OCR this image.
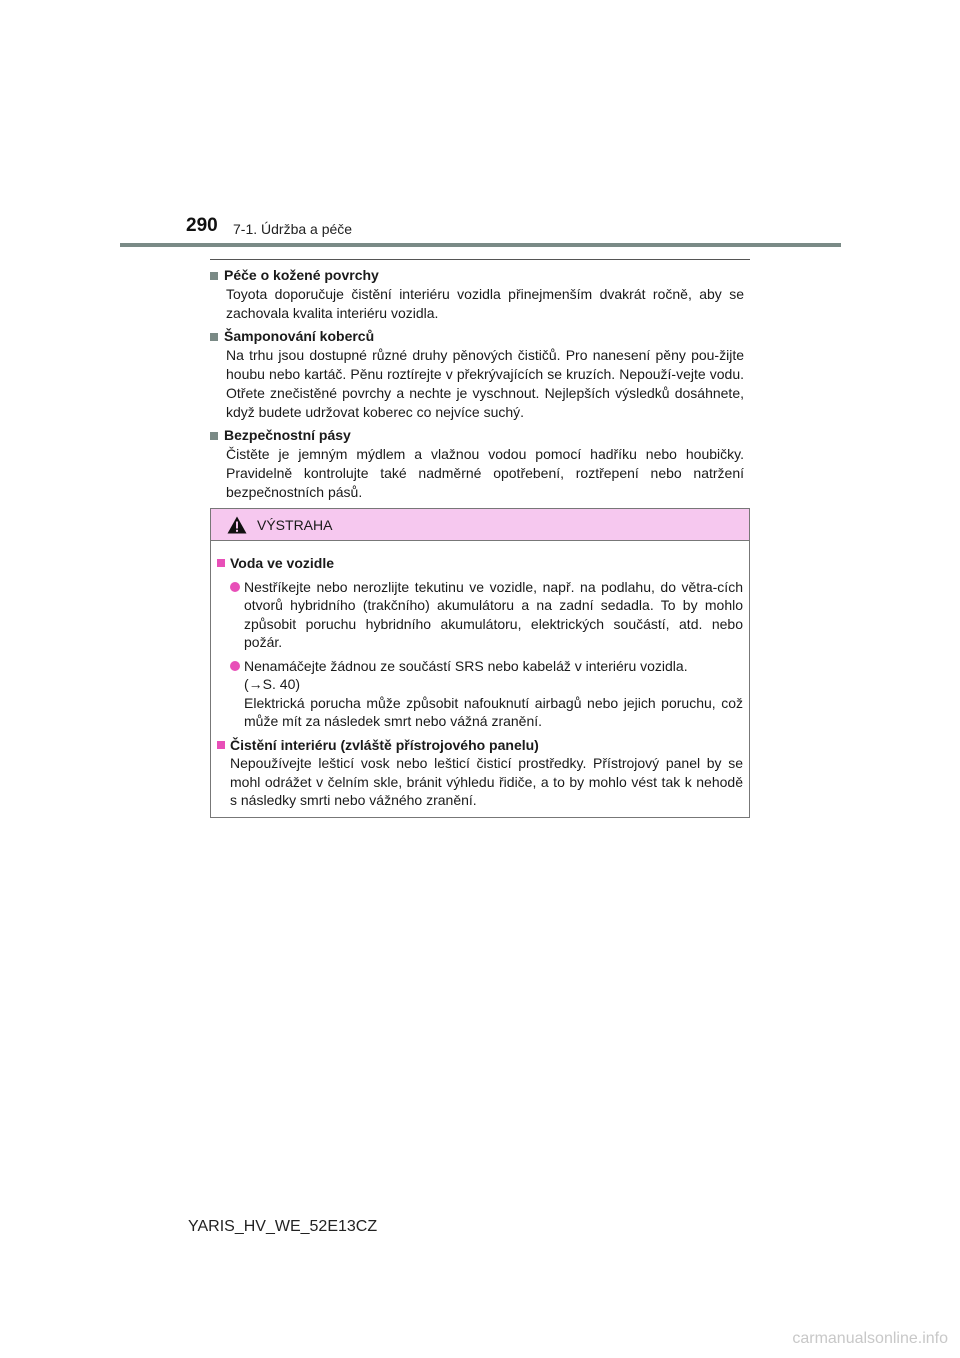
290 7-1. Údržba a péče
Péče o kožené povrchy
Toyota doporučuje čistění interiéru vozidla přinejmenším dvakrát ročně, aby se zachovala kvalita interiéru vozidla.
Šamponování koberců
Na trhu jsou dostupné různé druhy pěnových čističů. Pro nanesení pěny pou-žijte houbu nebo kartáč. Pěnu roztírejte v překrývajících se kruzích. Nepouží-vejte vodu. Otřete znečistěné povrchy a nechte je vyschnout. Nejlepších výsledků dosáhnete, když budete udržovat koberec co nejvíce suchý.
Bezpečnostní pásy
Čistěte je jemným mýdlem a vlažnou vodou pomocí hadříku nebo houbičky. Pravidelně kontrolujte také nadměrné opotřebení, roztřepení nebo natržení bezpečnostních pásů.
VÝSTRAHA
Voda ve vozidle
Nestříkejte nebo nerozlijte tekutinu ve vozidle, např. na podlahu, do větra-cích otvorů hybridního (trakčního) akumulátoru a na zadní sedadla. To by mohlo způsobit poruchu hybridního akumulátoru, elektrických součástí, atd. nebo požár.
Nenamáčejte žádnou ze součástí SRS nebo kabeláž v interiéru vozidla.
(→S. 40)
Elektrická porucha může způsobit nafouknutí airbagů nebo jejich poruchu, což může mít za následek smrt nebo vážná zranění.
Čistění interiéru (zvláště přístrojového panelu)
Nepoužívejte lešticí vosk nebo lešticí čisticí prostředky. Přístrojový panel by se mohl odrážet v čelním skle, bránit výhledu řidiče, a to by mohlo vést tak k nehodě s následky smrti nebo vážného zranění.
YARIS_HV_WE_52E13CZ
carmanualsonline.info
